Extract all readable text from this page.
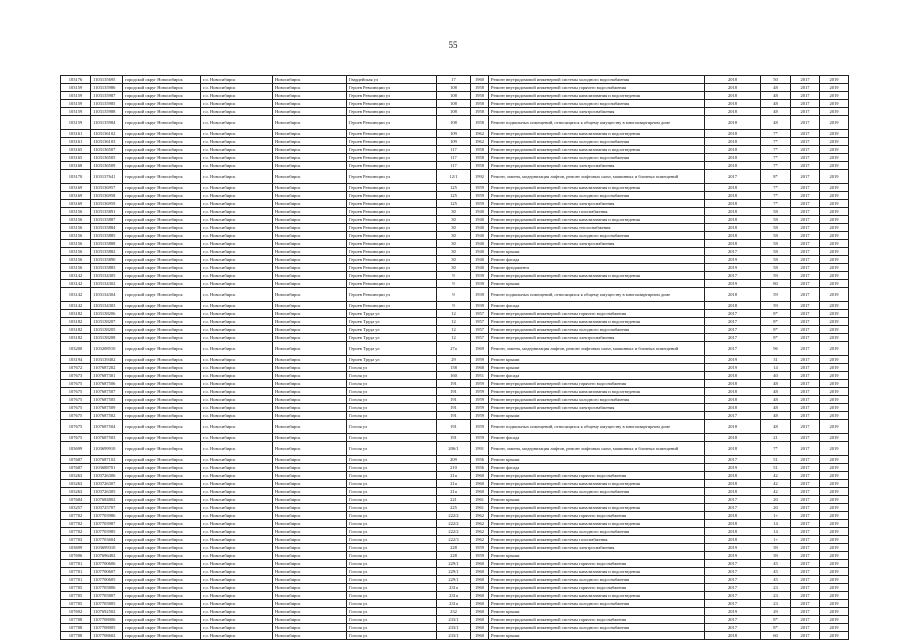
55
103176	1103135695	городской округ Новосибирск	г.о. Новосибирск	Новосибирск	Гвардейская ул	17	1960	Ремонт внутридомовой инженерной системы холодного водоснабжения	2018	50	2017	2019
103159	1103135986	городской округ Новосибирск	г.о. Новосибирск	Новосибирск	Героев Революции ул	108	1958	Ремонт внутридомовой инженерной системы горячего водоснабжения	2018	48	2017	2019
103159	1103135987	городской округ Новосибирск	г.о. Новосибирск	Новосибирск	Героев Революции ул	108	1958	Ремонт внутридомовой инженерной системы канализования и водоотведения	2018	48	2017	2019
103159	1103135985	городской округ Новосибирск	г.о. Новосибирск	Новосибирск	Героев Революции ул	108	1958	Ремонт внутридомовой инженерной системы холодного водоснабжения	2018	48	2017	2019
103159	1103135988	городской округ Новосибирск	г.о. Новосибирск	Новосибирск	Героев Революции ул	108	1958	Ремонт внутридомовой инженерной системы электроснабжения	2018	48	2017	2019
103159	1103135984	городской округ Новосибирск	г.о. Новосибирск	Новосибирск	Героев Революции ул	108	1958	Ремонт подвальных помещений, относящихся к общему имуществу в многоквартирном доме	2018	48	2017	2019
103161	1103136102	городской округ Новосибирск	г.о. Новосибирск	Новосибирск	Героев Революции ул	109	1962	Ремонт внутридомовой инженерной системы канализования и водоотведения	2018	7*	2017	2019
103161	1103136103	городской округ Новосибирск	г.о. Новосибирск	Новосибирск	Героев Революции ул	109	1962	Ремонт внутридомовой инженерной системы холодного водоснабжения	2018	7*	2017	2019
103165	1103136507	городской округ Новосибирск	г.о. Новосибирск	Новосибирск	Героев Революции ул	117	1958	Ремонт внутридомовой инженерной системы канализования и водоотведения	2018	7*	2017	2019
103165	1103136505	городской округ Новосибирск	г.о. Новосибирск	Новосибирск	Героев Революции ул	117	1958	Ремонт внутридомовой инженерной системы холодного водоснабжения	2018	7*	2017	2019
103168	1103136509	городской округ Новосибирск	г.о. Новосибирск	Новосибирск	Героев Революции ул	117	1958	Ремонт внутридомовой инженерной системы электроснабжения	2018	7*	2017	2019
103170	1103137641	городской округ Новосибирск	г.о. Новосибирск	Новосибирск	Героев Революции ул	12/1	1992	Ремонт, замена, модернизация лифтов, ремонт лифтовых шахт, машинных и блочных помещений	2017	8*	2017	2019
103169	1103136957	городской округ Новосибирск	г.о. Новосибирск	Новосибирск	Героев Революции ул	125	1959	Ремонт внутридомовой инженерной системы канализования и водоотведения	2018	7*	2017	2019
103169	1103136958	городской округ Новосибирск	г.о. Новосибирск	Новосибирск	Героев Революции ул	125	1959	Ремонт внутридомовой инженерной системы холодного водоснабжения	2018	7*	2017	2019
103169	1103136959	городской округ Новосибирск	г.о. Новосибирск	Новосибирск	Героев Революции ул	125	1959	Ремонт внутридомовой инженерной системы электроснабжения	2018	7*	2017	2019
103156	1103135891	городской округ Новосибирск	г.о. Новосибирск	Новосибирск	Героев Революции ул	30	1940	Ремонт внутридомовой инженерной системы газоснабжения	2018	58	2017	2019
103156	1103135887	городской округ Новосибирск	г.о. Новосибирск	Новосибирск	Героев Революции ул	30	1940	Ремонт внутридомовой инженерной системы канализования и водоотведения	2018	58	2017	2019
103156	1103135884	городской округ Новосибирск	г.о. Новосибирск	Новосибирск	Героев Революции ул	30	1940	Ремонт внутридомовой инженерной системы теплоснабжения	2018	58	2017	2019
103156	1103135885	городской округ Новосибирск	г.о. Новосибирск	Новосибирск	Героев Революции ул	30	1940	Ремонт внутридомовой инженерной системы холодного водоснабжения	2018	58	2017	2019
103156	1103135888	городской округ Новосибирск	г.о. Новосибирск	Новосибирск	Героев Революции ул	30	1940	Ремонт внутридомовой инженерной системы электроснабжения	2018	58	2017	2019
103156	1103135882	городской округ Новосибирск	г.о. Новосибирск	Новосибирск	Героев Революции ул	30	1940	Ремонт крыши	2017	58	2017	2019
103156	1103135890	городской округ Новосибирск	г.о. Новосибирск	Новосибирск	Героев Революции ул	30	1940	Ремонт фасада	2019	58	2017	2019
103156	1103135883	городской округ Новосибирск	г.о. Новосибирск	Новосибирск	Героев Революции ул	30	1940	Ремонт фундамента	2019	58	2017	2019
103142	1103134305	городской округ Новосибирск	г.о. Новосибирск	Новосибирск	Героев Революции ул	9	1939	Ремонт внутридомовой инженерной системы канализования и водоотведения	2017	59	2017	2019
103142	1103134302	городской округ Новосибирск	г.о. Новосибирск	Новосибирск	Героев Революции ул	9	1939	Ремонт крыши	2019	80	2017	2019
103142	1103134304	городской округ Новосибирск	г.о. Новосибирск	Новосибирск	Героев Революции ул	9	1939	Ремонт подвальных помещений, относящихся к общему имуществу в многоквартирном доме	2018	59	2017	2019
103142	1103134303	городской округ Новосибирск	г.о. Новосибирск	Новосибирск	Героев Революции ул	9	1939	Ремонт фасада	2018	59	2017	2019
103182	1103138206	городской округ Новосибирск	г.о. Новосибирск	Новосибирск	Героев Труда ул	12	1957	Ремонт внутридомовой инженерной системы горячего водоснабжения	2017	8*	2017	2019
103182	1103138207	городской округ Новосибирск	г.о. Новосибирск	Новосибирск	Героев Труда ул	12	1957	Ремонт внутридомовой инженерной системы канализования и водоотведения	2017	8*	2017	2019
103182	1103138205	городской округ Новосибирск	г.о. Новосибирск	Новосибирск	Героев Труда ул	12	1957	Ремонт внутридомовой инженерной системы холодного водоснабжения	2017	8*	2017	2019
103182	1103138208	городской округ Новосибирск	г.о. Новосибирск	Новосибирск	Героев Труда ул	12	1957	Ремонт внутридомовой инженерной системы электроснабжения	2017	8*	2017	2019
103200	1103208510	городской округ Новосибирск	г.о. Новосибирск	Новосибирск	Героев Труда ул	27а	1969	Ремонт, замена, модернизация лифтов, ремонт лифтовых шахт, машинных и блочных помещений	2017	96	2017	2019
103194	1103139402	городской округ Новосибирск	г.о. Новосибирск	Новосибирск	Героев Труда ул	29	1959	Ремонт крыши	2019	31	2017	2019
107672	1107687202	городской округ Новосибирск	г.о. Новосибирск	Новосибирск	Гоголя ул	158	1968	Ремонт крыши	2019	14	2017	2019
107673	1107687301	городской округ Новосибирск	г.о. Новосибирск	Новосибирск	Гоголя ул	160	1951	Ремонт фасада	2018	40	2017	2019
107675	1107687506	городской округ Новосибирск	г.о. Новосибирск	Новосибирск	Гоголя ул	191	1959	Ремонт внутридомовой инженерной системы горячего водоснабжения	2018	48	2017	2019
107675	1107687507	городской округ Новосибирск	г.о. Новосибирск	Новосибирск	Гоголя ул	191	1959	Ремонт внутридомовой инженерной системы канализования и водоотведения	2018	48	2017	2019
107675	1107687505	городской округ Новосибирск	г.о. Новосибирск	Новосибирск	Гоголя ул	191	1959	Ремонт внутридомовой инженерной системы холодного водоснабжения	2018	48	2017	2019
107675	1107687509	городской округ Новосибирск	г.о. Новосибирск	Новосибирск	Гоголя ул	191	1959	Ремонт внутридомовой инженерной системы электроснабжения	2018	48	2017	2019
107675	1107687502	городской округ Новосибирск	г.о. Новосибирск	Новосибирск	Гоголя ул	191	1959	Ремонт крыши	2017	48	2017	2019
107675	1107687504	городской округ Новосибирск	г.о. Новосибирск	Новосибирск	Гоголя ул	191	1959	Ремонт подвальных помещений, относящихся к общему имуществу в многоквартирном доме	2018	48	2017	2019
107675	1107687503	городской округ Новосибирск	г.о. Новосибирск	Новосибирск	Гоголя ул	191	1959	Ремонт фасада	2018	21	2017	2019
103699	1103699910	городской округ Новосибирск	г.о. Новосибирск	Новосибирск	Гоголя ул	206/1	1991	Ремонт, замена, модернизация лифтов, ремонт лифтовых шахт, машинных и блочных помещений	2018	7*	2017	2019
107687	1107687102	городской округ Новосибирск	г.о. Новосибирск	Новосибирск	Гоголя ул	209	1956	Ремонт крыши	2017	51	2017	2019
107687	1103688701	городской округ Новосибирск	г.о. Новосибирск	Новосибирск	Гоголя ул	210	1956	Ремонт фасада	2019	51	2017	2019
103263	1103726306	городской округ Новосибирск	г.о. Новосибирск	Новосибирск	Гоголя ул	21а	1960	Ремонт внутридомовой инженерной системы горячего водоснабжения	2018	42	2017	2019
103263	1103726307	городской округ Новосибирск	г.о. Новосибирск	Новосибирск	Гоголя ул	21а	1960	Ремонт внутридомовой инженерной системы канализования и водоотведения	2018	42	2017	2019
103263	1103726305	городской округ Новосибирск	г.о. Новосибирск	Новосибирск	Гоголя ул	21а	1960	Ремонт внутридомовой инженерной системы холодного водоснабжения	2018	42	2017	2019
107684	1107684802	городской округ Новосибирск	г.о. Новосибирск	Новосибирск	Гоголя ул	221	1961	Ремонт крыши	2017	20	2017	2019
103257	1103725707	городской округ Новосибирск	г.о. Новосибирск	Новосибирск	Гоголя ул	225	1961	Ремонт внутридомовой инженерной системы канализования и водоотведения	2017	20	2017	2019
107702	1107703986	городской округ Новосибирск	г.о. Новосибирск	Новосибирск	Гоголя ул	222/2	1962	Ремонт внутридомовой инженерной системы горячего водоснабжения	2018	1+	2017	2019
107702	1107703987	городской округ Новосибирск	г.о. Новосибирск	Новосибирск	Гоголя ул	222/2	1962	Ремонт внутридомовой инженерной системы канализования и водоотведения	2018	14	2017	2019
107702	1107703985	городской округ Новосибирск	г.о. Новосибирск	Новосибирск	Гоголя ул	222/2	1962	Ремонт внутридомовой инженерной системы холодного водоснабжения	2018	14	2017	2019
107703	1107703604	городской округ Новосибирск	г.о. Новосибирск	Новосибирск	Гоголя ул	222/3	1962	Ремонт внутридомовой инженерной системы газоснабжения	2018	1+	2017	2019
103699	1103699310	городской округ Новосибирск	г.о. Новосибирск	Новосибирск	Гоголя ул	228	1959	Ремонт внутридомовой инженерной системы электроснабжения	2019	39	2017	2019
107696	1107696402	городской округ Новосибирск	г.о. Новосибирск	Новосибирск	Гоголя ул	228	1959	Ремонт крыши	2019	39	2017	2019
107701	1107700606	городской округ Новосибирск	г.о. Новосибирск	Новосибирск	Гоголя ул	229/1	1960	Ремонт внутридомовой инженерной системы горячего водоснабжения	2017	45	2017	2019
107701	1107700607	городской округ Новосибирск	г.о. Новосибирск	Новосибирск	Гоголя ул	229/1	1960	Ремонт внутридомовой инженерной системы канализования и водоотведения	2017	45	2017	2019
107701	1107700605	городской округ Новосибирск	г.о. Новосибирск	Новосибирск	Гоголя ул	229/1	1960	Ремонт внутридомовой инженерной системы холодного водоснабжения	2017	45	2017	2019
107705	1107705806	городской округ Новосибирск	г.о. Новосибирск	Новосибирск	Гоголя ул	231а	1960	Ремонт внутридомовой инженерной системы горячего водоснабжения	2017	23	2017	2019
107705	1107705807	городской округ Новосибирск	г.о. Новосибирск	Новосибирск	Гоголя ул	231а	1960	Ремонт внутридомовой инженерной системы канализования и водоотведения	2017	23	2017	2019
107705	1107705805	городской округ Новосибирск	г.о. Новосибирск	Новосибирск	Гоголя ул	231а	1960	Ремонт внутридомовой инженерной системы холодного водоснабжения	2017	23	2017	2019
107692	1107692502	городской округ Новосибирск	г.о. Новосибирск	Новосибирск	Гоголя ул	232	1960	Ремонт крыши	2019	29	2017	2019
107708	1107708006	городской округ Новосибирск	г.о. Новосибирск	Новосибирск	Гоголя ул	233/1	1960	Ремонт внутридомовой инженерной системы горячего водоснабжения	2017	8*	2017	2019
107708	1107708005	городской округ Новосибирск	г.о. Новосибирск	Новосибирск	Гоголя ул	233/1	1960	Ремонт внутридомовой инженерной системы холодного водоснабжения	2017	8*	2017	2019
107708	1107708602	городской округ Новосибирск	г.о. Новосибирск	Новосибирск	Гоголя ул	233/1	1960	Ремонт крыши	2018	60	2017	2019
